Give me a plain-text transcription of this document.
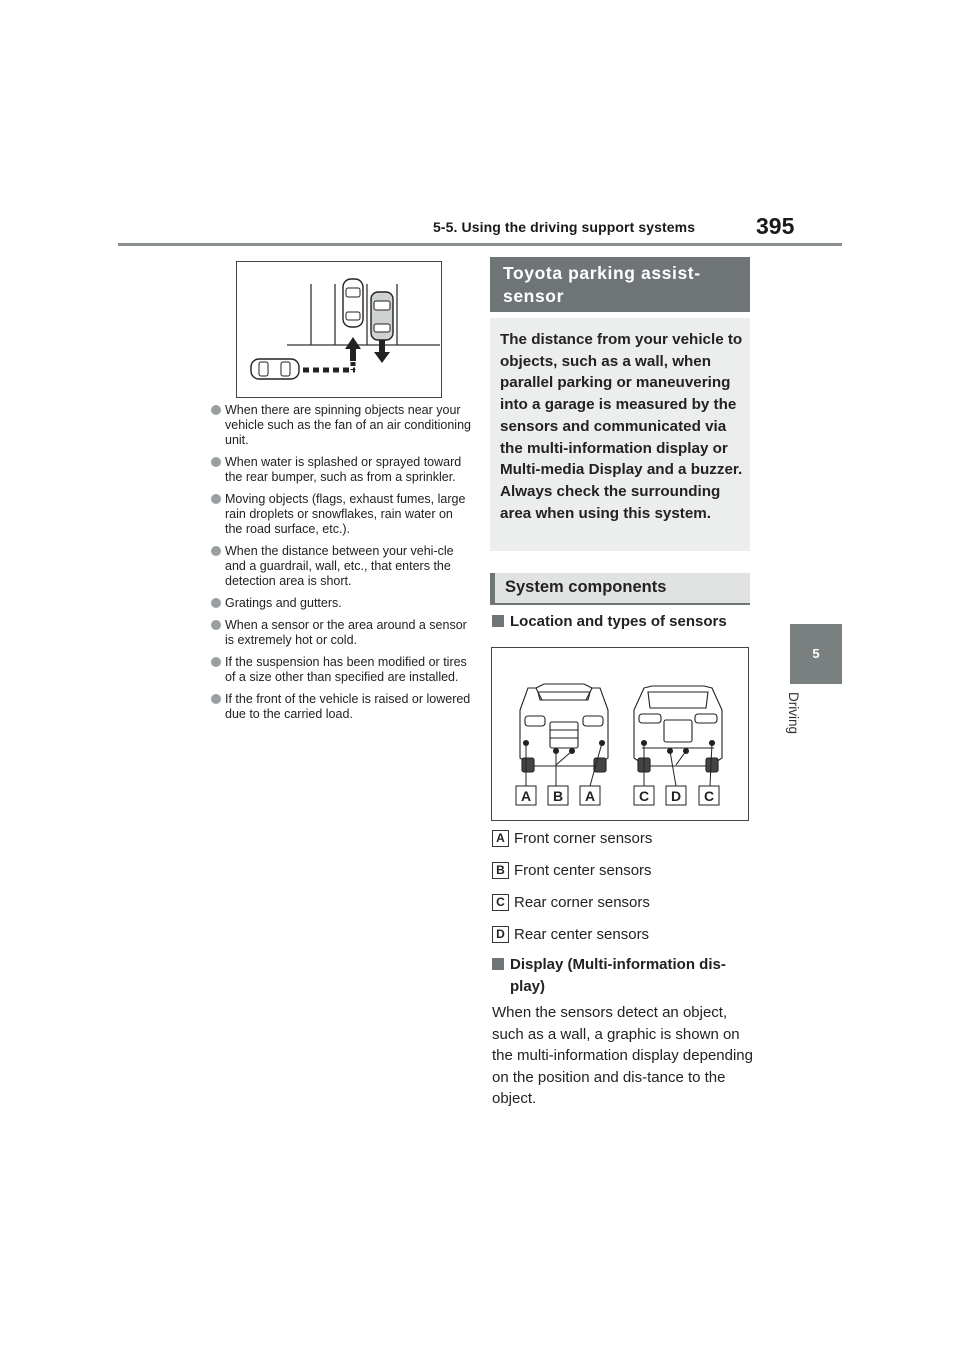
5-5. Using the driving support systems	395
5
Driving
When there are spinning objects near your vehicle such as the fan of an air conditioning unit.
When water is splashed or sprayed toward the rear bumper, such as from a sprinkler.
Moving objects (flags, exhaust fumes, large rain droplets or snowflakes, rain water on the road surface, etc.).
When the distance between your vehi-cle and a guardrail, wall, etc., that enters the detection area is short.
Gratings and gutters.
When a sensor or the area around a sensor is extremely hot or cold.
If the suspension has been modified or tires of a size other than specified are installed.
If the front of the vehicle is raised or lowered due to the carried load.
Toyota parking assist-
sensor
The distance from your vehicle to objects, such as a wall, when parallel parking or maneuvering into a garage is measured by the sensors and communicated via the multi-information display or Multi-media Display and a buzzer. Always check the surrounding area when using this system.
System components
Location and types of sensors
A B A	C D C
A Front corner sensors
B Front center sensors
C Rear corner sensors
D Rear center sensors
Display (Multi-information dis-
play)
When the sensors detect an object, such as a wall, a graphic is shown on the multi-information display depending on the position and dis-tance to the object.
